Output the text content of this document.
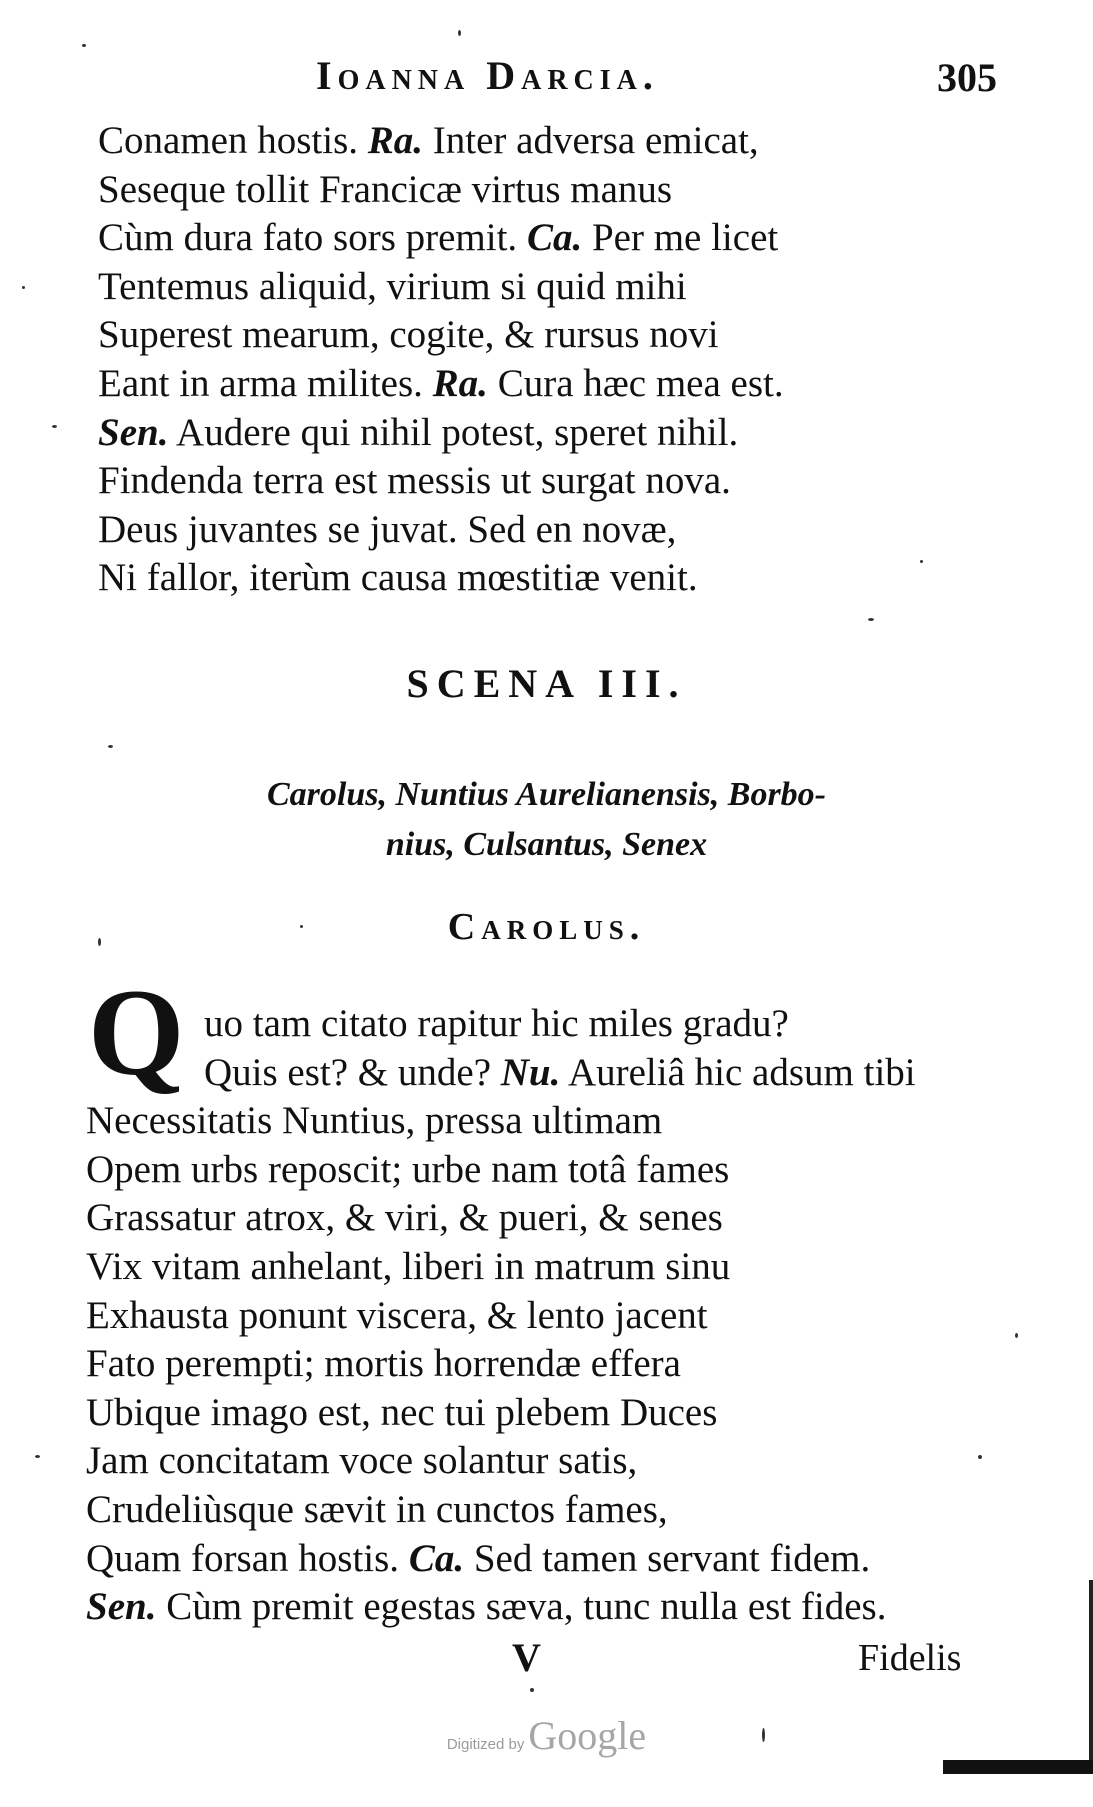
Ioanna Darcia.	305
Conamen hostis. Ra. Inter adversa emicat,
Seseque tollit Francicæ virtus manus
Cùm dura fato sors premit. Ca. Per me licet
Tentemus aliquid, virium si quid mihi
Superest mearum, cogite, & rursus novi
Eant in arma milites. Ra. Cura hæc mea est.
Sen. Audere qui nihil potest, speret nihil.
Findenda terra est messis ut surgat nova.
Deus juvantes se juvat. Sed en novæ,
Ni fallor, iterùm causa mœstitiæ venit.
SCENA III.
Carolus, Nuntius Aurelianensis, Borbo-
nius, Culsantus, Senex
Carolus.
Q uo tam citato rapitur hic miles gradu?
Quis est? & unde? Nu. Aureliâ hic adsum tibi
Necessitatis Nuntius, pressa ultimam
Opem urbs reposcit; urbe nam totâ fames
Grassatur atrox, & viri, & pueri, & senes
Vix vitam anhelant, liberi in matrum sinu
Exhausta ponunt viscera, & lento jacent
Fato perempti; mortis horrendæ effera
Ubique imago est, nec tui plebem Duces
Jam concitatam voce solantur satis,
Crudeliùsque sævit in cunctos fames,
Quam forsan hostis. Ca. Sed tamen servant fidem.
Sen. Cùm premit egestas sæva, tunc nulla est fides.
V	Fidelis
Digitized by Google
